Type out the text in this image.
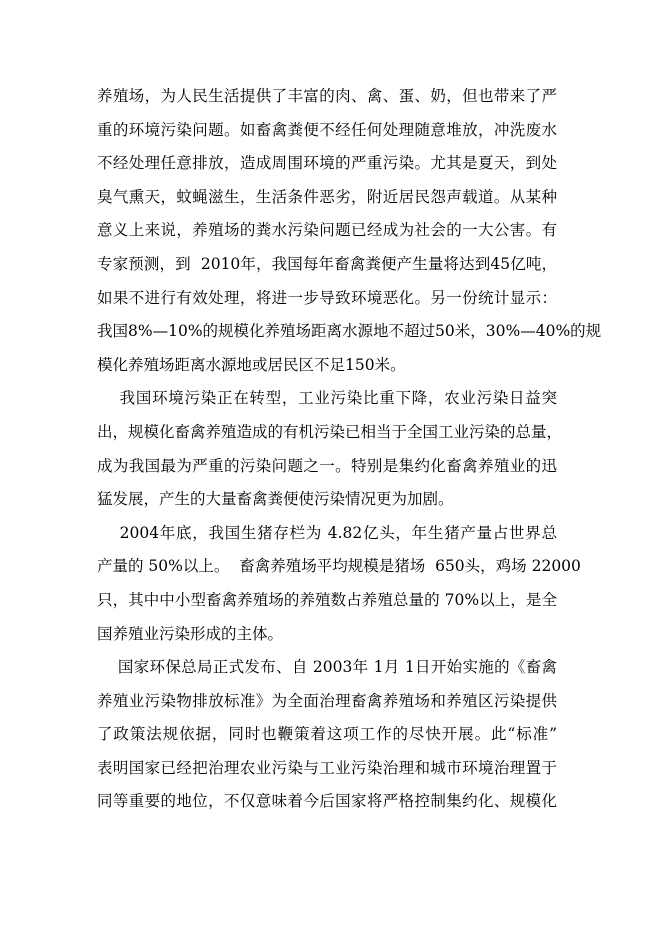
养殖场，为人民生活提供了丰富的肉、禽、蛋、奶，但也带来了严
重的环境污染问题。如畜禽粪便不经任何处理随意堆放，冲洗废水
不经处理任意排放，造成周围环境的严重污染。尤其是夏天，到处
臭气熏天，蚊蝇滋生，生活条件恶劣，附近居民怨声载道。从某种
意义上来说，养殖场的粪水污染问题已经成为社会的一大公害。有
专家预测，到  2010年，我国每年畜禽粪便产生量将达到45亿吨，
如果不进行有效处理，将进一步导致环境恶化。另一份统计显示：
我国8%—10%的规模化养殖场距离水源地不超过50米，30%—40%的规
模化养殖场距离水源地或居民区不足150米。
我国环境污染正在转型，工业污染比重下降，农业污染日益突
出，规模化畜禽养殖造成的有机污染已相当于全国工业污染的总量，
成为我国最为严重的污染问题之一。特别是集约化畜禽养殖业的迅
猛发展，产生的大量畜禽粪便使污染情况更为加剧。
2004年底，我国生猪存栏为 4.82亿头，年生猪产量占世界总
产量的 50%以上。  畜禽养殖场平均规模是猪场  650头，鸡场 22000
只，其中中小型畜禽养殖场的养殖数占养殖总量的 70%以上，是全
国养殖业污染形成的主体。
国家环保总局正式发布、自 2003年 1月 1日开始实施的《畜禽
养殖业污染物排放标准》为全面治理畜禽养殖场和养殖区污染提供
了政策法规依据，同时也鞭策着这项工作的尽快开展。此“标准”
表明国家已经把治理农业污染与工业污染治理和城市环境治理置于
同等重要的地位，不仅意味着今后国家将严格控制集约化、规模化
